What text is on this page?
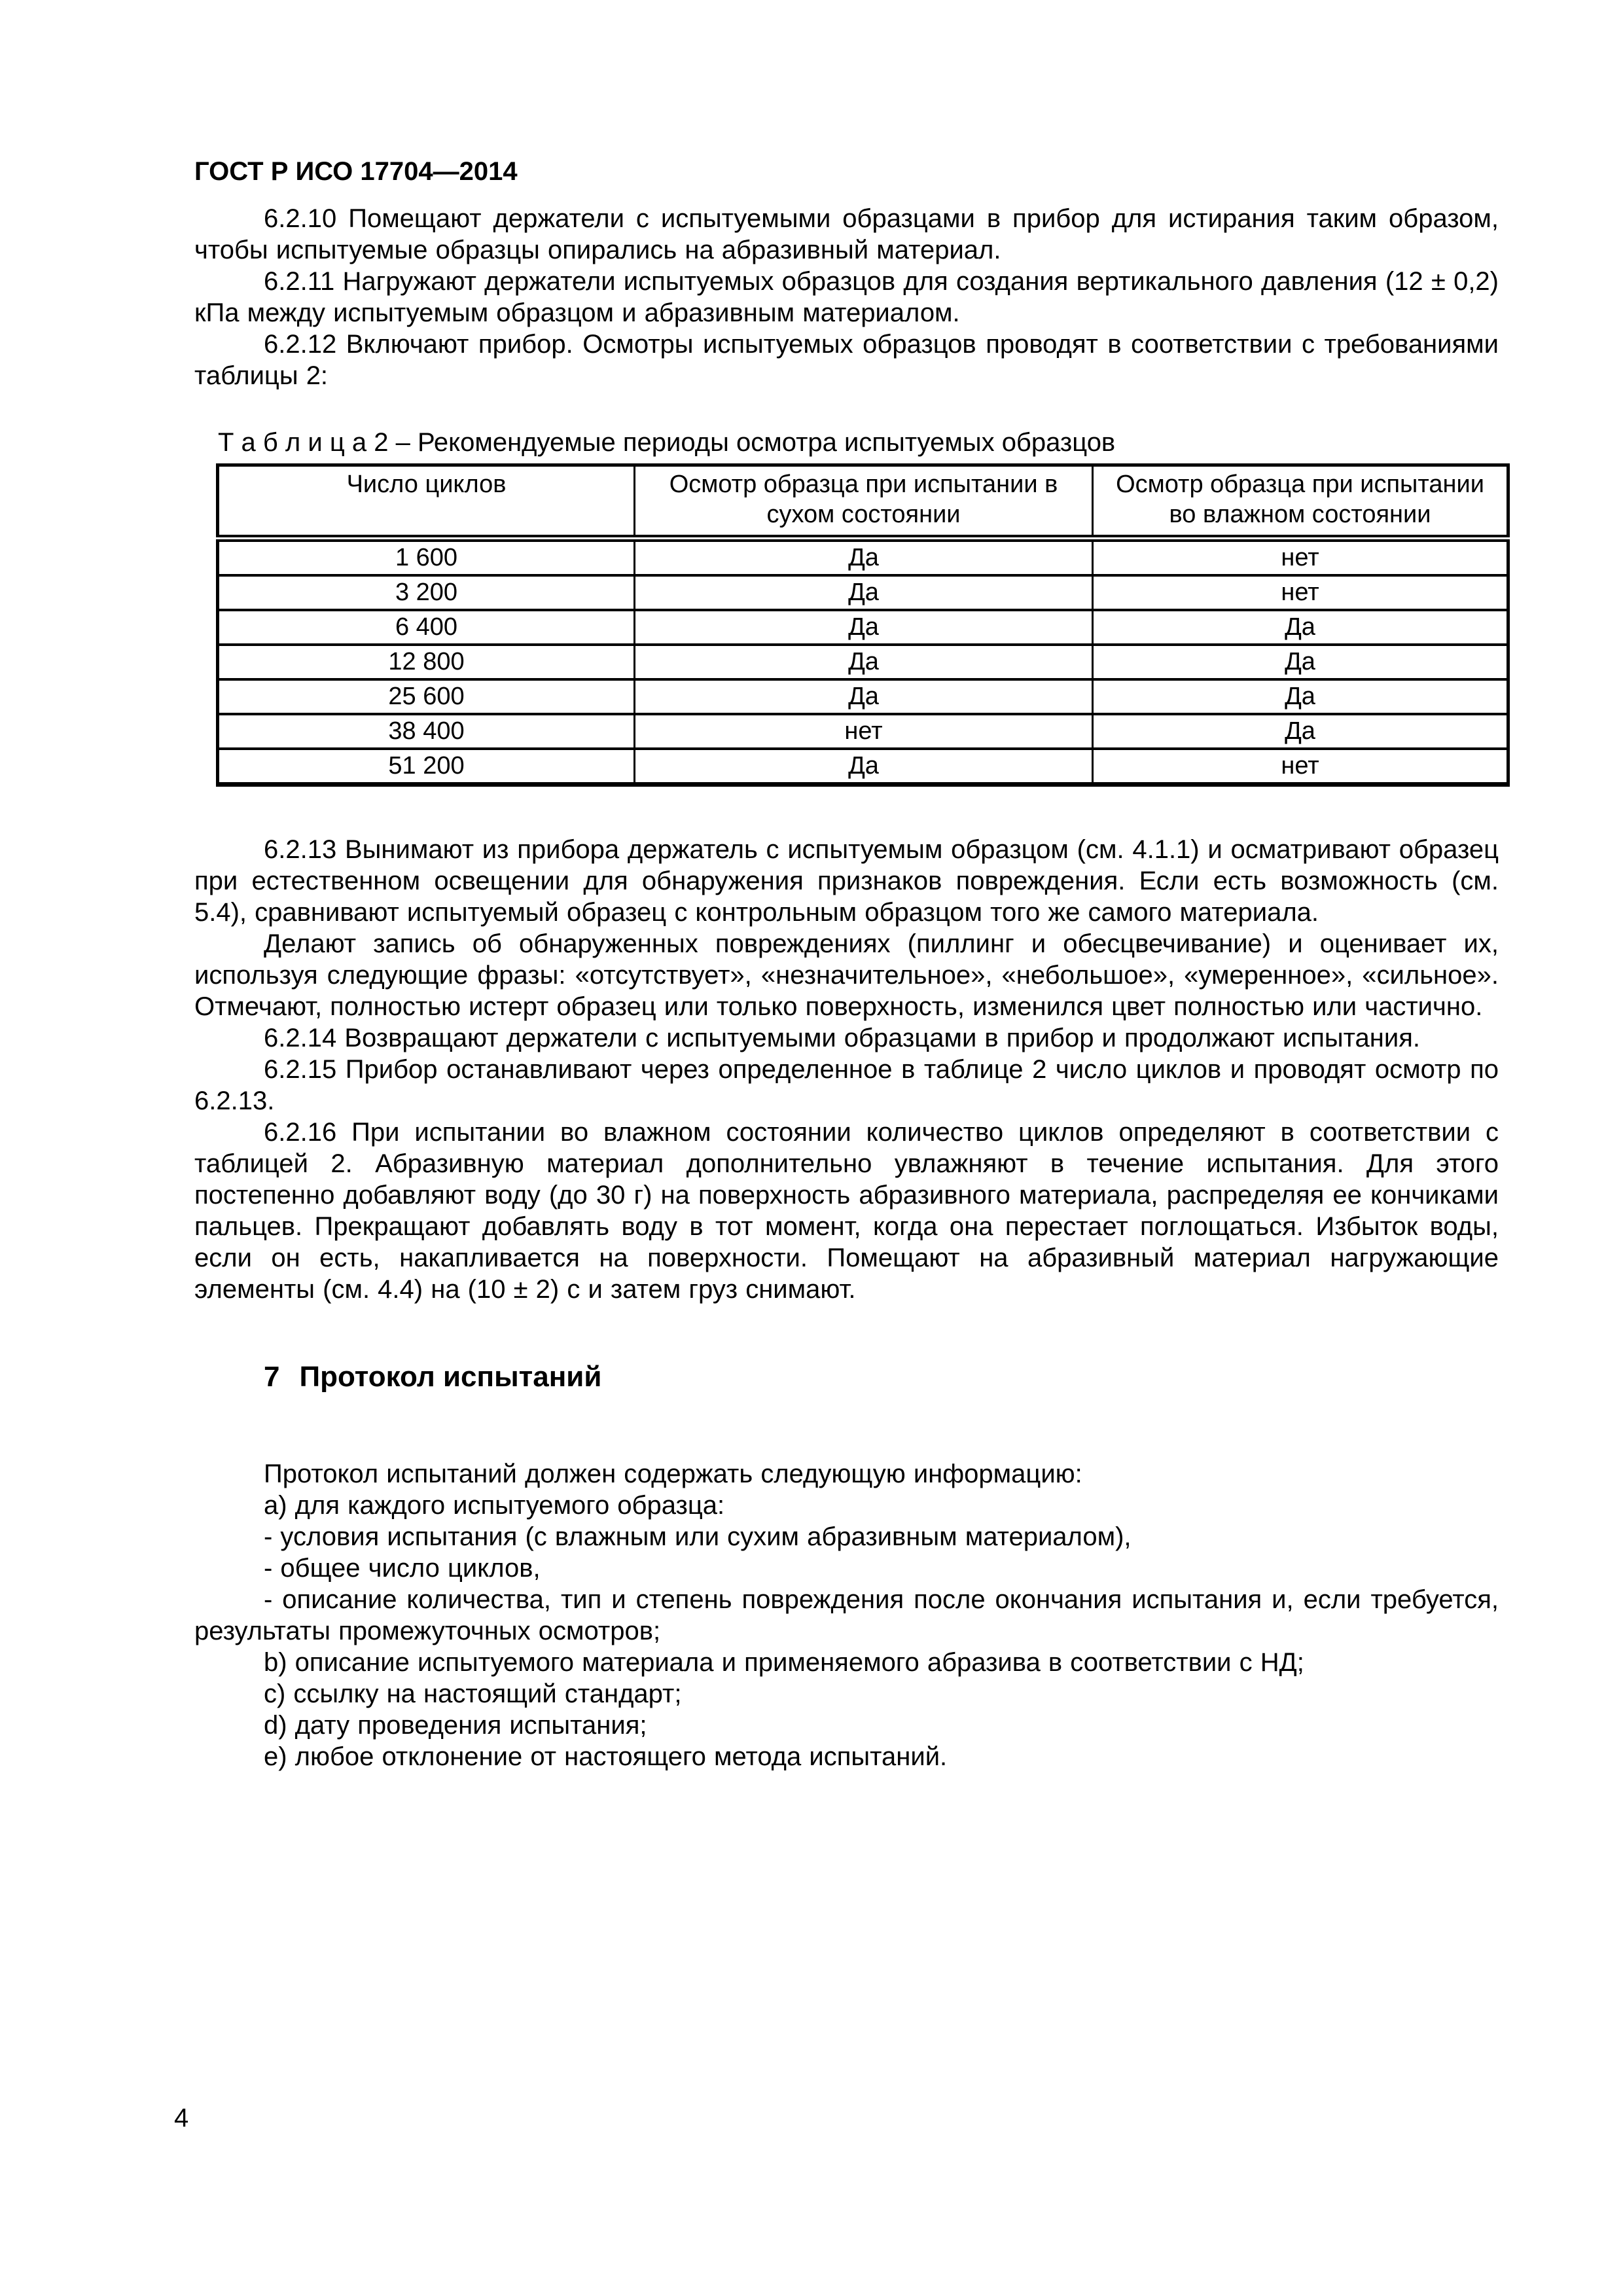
ГОСТ Р ИСО 17704—2014

6.2.10 Помещают держатели с испытуемыми образцами в прибор для истирания таким образом, чтобы испытуемые образцы опирались на абразивный материал.

6.2.11 Нагружают держатели испытуемых образцов для создания вертикального давления (12 ± 0,2) кПа между испытуемым образцом и абразивным материалом.

6.2.12 Включают прибор. Осмотры испытуемых образцов проводят в соответствии с требованиями таблицы 2:

Т а б л и ц а 2 – Рекомендуемые периоды осмотра испытуемых образцов
Число циклов	Осмотр образца при испытании в сухом состоянии	Осмотр образца при испытании во влажном состоянии
1 600	Да	нет
3 200	Да	нет
6 400	Да	Да
12 800	Да	Да
25 600	Да	Да
38 400	нет	Да
51 200	Да	нет

6.2.13 Вынимают из прибора держатель с испытуемым образцом (см. 4.1.1) и осматривают образец при естественном освещении для обнаружения признаков повреждения. Если есть возможность (см. 5.4), сравнивают испытуемый образец с контрольным образцом того же самого материала.

Делают запись об обнаруженных повреждениях (пиллинг и обесцвечивание) и оценивает их, используя следующие фразы: «отсутствует», «незначительное», «небольшое», «умеренное», «сильное». Отмечают, полностью истерт образец или только поверхность, изменился цвет полностью или частично.

6.2.14 Возвращают держатели с испытуемыми образцами в прибор и продолжают испытания.

6.2.15 Прибор останавливают через определенное в таблице 2 число циклов и проводят осмотр по 6.2.13.

6.2.16 При испытании во влажном состоянии количество циклов определяют в соответствии с таблицей 2. Абразивную материал дополнительно увлажняют в течение испытания. Для этого постепенно добавляют воду (до 30 г) на поверхность абразивного материала, распределяя ее кончиками пальцев. Прекращают добавлять воду в тот момент, когда она перестает поглощаться. Избыток воды, если он есть, накапливается на поверхности. Помещают на абразивный материал нагружающие элементы (см. 4.4) на (10 ± 2) с и затем груз снимают.

7 Протокол испытаний

Протокол испытаний должен содержать следующую информацию:

a) для каждого испытуемого образца:

- условия испытания (с влажным или сухим абразивным материалом),

- общее число циклов,

- описание количества, тип и степень повреждения после окончания испытания и, если требуется, результаты промежуточных осмотров;

b) описание испытуемого материала и применяемого абразива в соответствии с НД;

c) ссылку на настоящий стандарт;

d) дату проведения испытания;

e) любое отклонение от настоящего метода испытаний.

4
